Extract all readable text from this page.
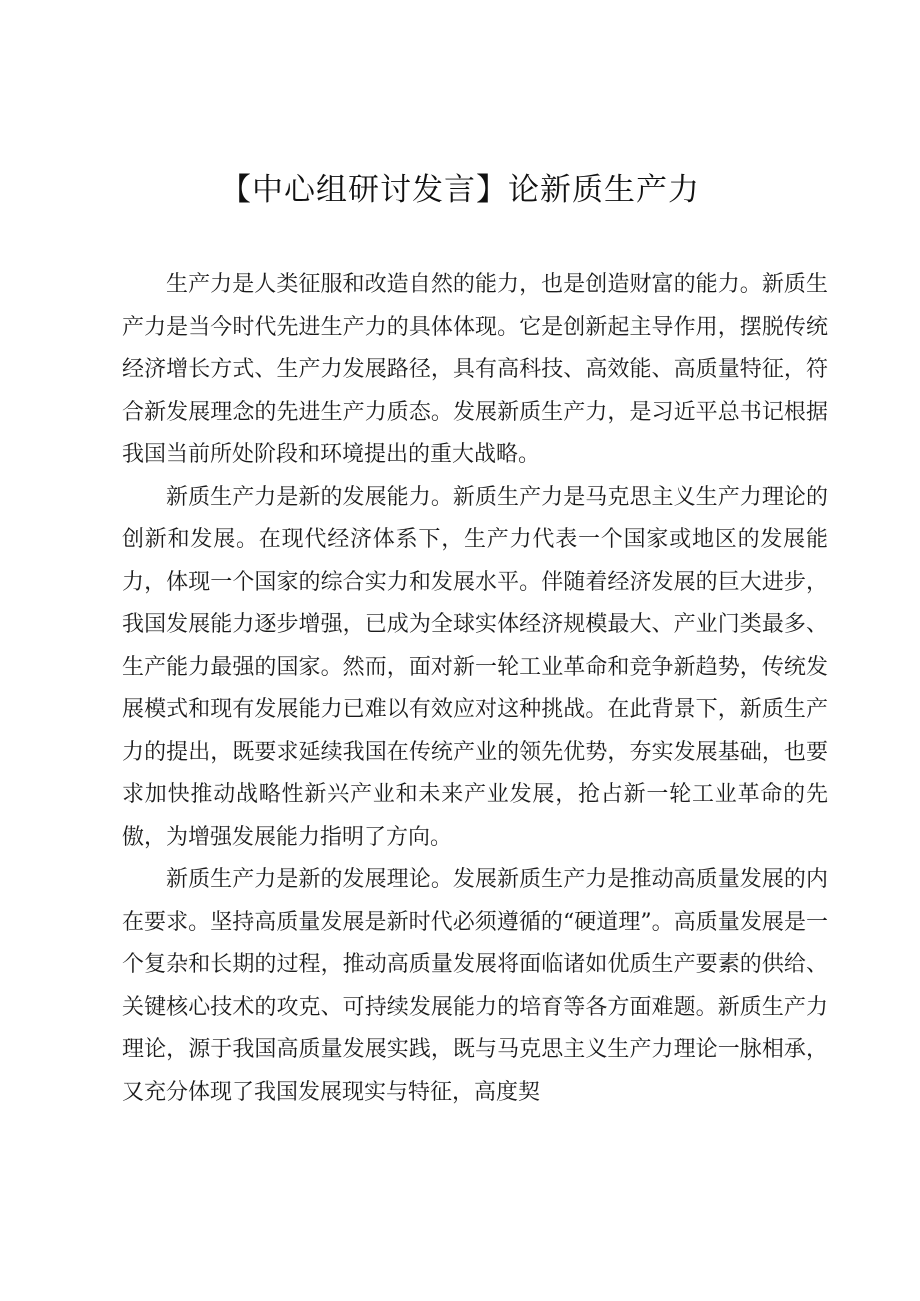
【中心组研讨发言】论新质生产力

生产力是人类征服和改造自然的能力，也是创造财富的能力。新质生产力是当今时代先进生产力的具体体现。它是创新起主导作用，摆脱传统经济增长方式、生产力发展路径，具有高科技、高效能、高质量特征，符合新发展理念的先进生产力质态。发展新质生产力，是习近平总书记根据我国当前所处阶段和环境提出的重大战略。

新质生产力是新的发展能力。新质生产力是马克思主义生产力理论的创新和发展。在现代经济体系下，生产力代表一个国家或地区的发展能力，体现一个国家的综合实力和发展水平。伴随着经济发展的巨大进步，我国发展能力逐步增强，已成为全球实体经济规模最大、产业门类最多、生产能力最强的国家。然而，面对新一轮工业革命和竞争新趋势，传统发展模式和现有发展能力已难以有效应对这种挑战。在此背景下，新质生产力的提出，既要求延续我国在传统产业的领先优势，夯实发展基础，也要求加快推动战略性新兴产业和未来产业发展，抢占新一轮工业革命的先傲，为增强发展能力指明了方向。

新质生产力是新的发展理论。发展新质生产力是推动高质量发展的内在要求。坚持高质量发展是新时代必须遵循的“硬道理”。高质量发展是一个复杂和长期的过程，推动高质量发展将面临诸如优质生产要素的供给、关键核心技术的攻克、可持续发展能力的培育等各方面难题。新质生产力理论，源于我国高质量发展实践，既与马克思主义生产力理论一脉相承，又充分体现了我国发展现实与特征，高度契
